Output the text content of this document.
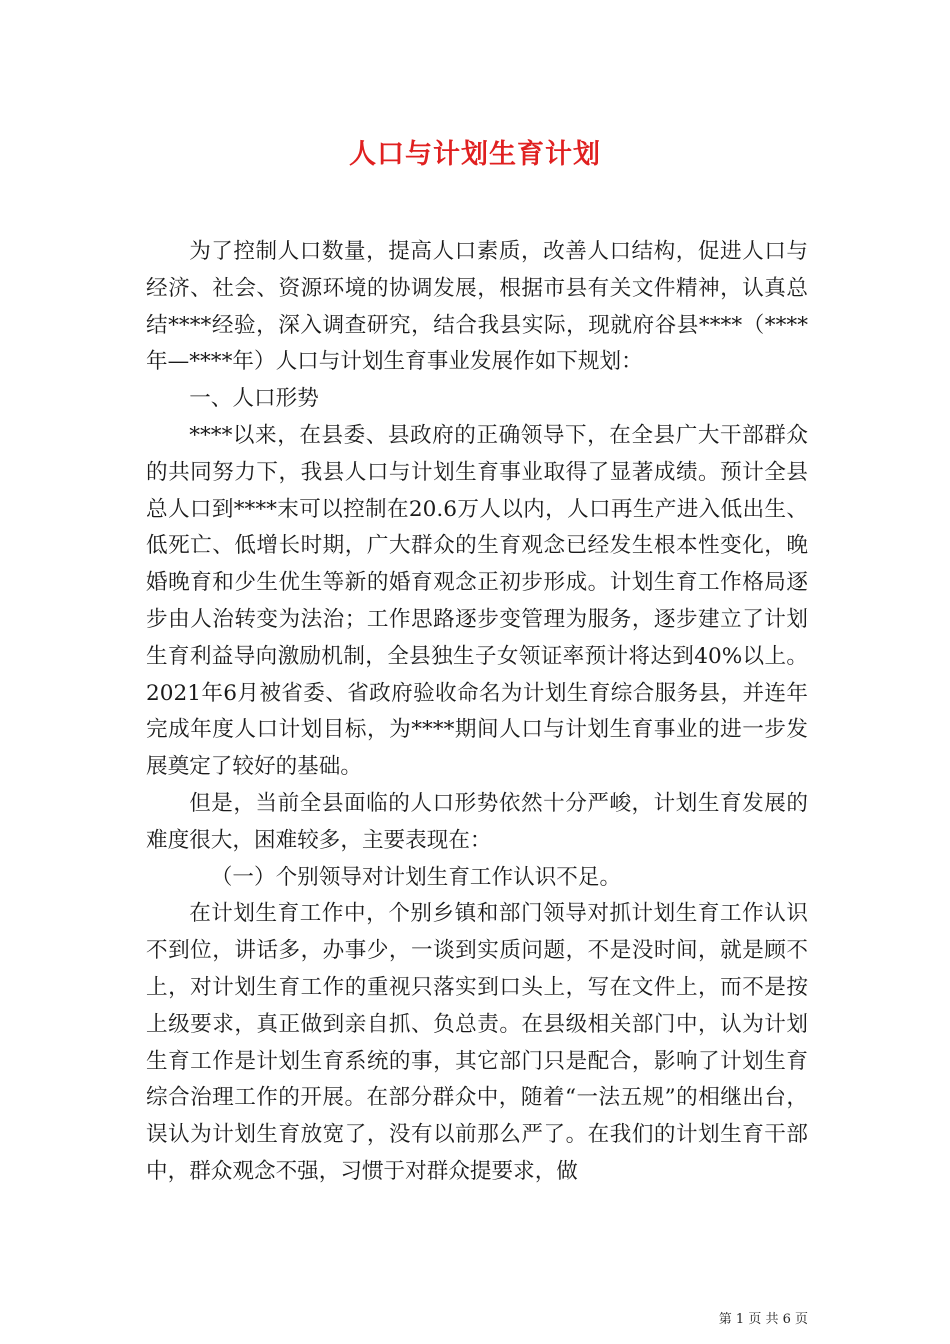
人口与计划生育计划

为了控制人口数量，提高人口素质，改善人口结构，促进人口与经济、社会、资源环境的协调发展，根据市县有关文件精神，认真总结****经验，深入调查研究，结合我县实际，现就府谷县****（****年—****年）人口与计划生育事业发展作如下规划：

一、人口形势

****以来，在县委、县政府的正确领导下，在全县广大干部群众的共同努力下，我县人口与计划生育事业取得了显著成绩。预计全县总人口到****末可以控制在20.6万人以内，人口再生产进入低出生、低死亡、低增长时期，广大群众的生育观念已经发生根本性变化，晚婚晚育和少生优生等新的婚育观念正初步形成。计划生育工作格局逐步由人治转变为法治；工作思路逐步变管理为服务，逐步建立了计划生育利益导向激励机制，全县独生子女领证率预计将达到40%以上。2021年6月被省委、省政府验收命名为计划生育综合服务县，并连年完成年度人口计划目标，为****期间人口与计划生育事业的进一步发展奠定了较好的基础。

但是，当前全县面临的人口形势依然十分严峻，计划生育发展的难度很大，困难较多，主要表现在：

（一）个别领导对计划生育工作认识不足。

在计划生育工作中，个别乡镇和部门领导对抓计划生育工作认识不到位，讲话多，办事少，一谈到实质问题，不是没时间，就是顾不上，对计划生育工作的重视只落实到口头上，写在文件上，而不是按上级要求，真正做到亲自抓、负总责。在县级相关部门中，认为计划生育工作是计划生育系统的事，其它部门只是配合，影响了计划生育综合治理工作的开展。在部分群众中，随着“一法五规”的相继出台，误认为计划生育放宽了，没有以前那么严了。在我们的计划生育干部中，群众观念不强，习惯于对群众提要求，做

第 1 页 共 6 页
